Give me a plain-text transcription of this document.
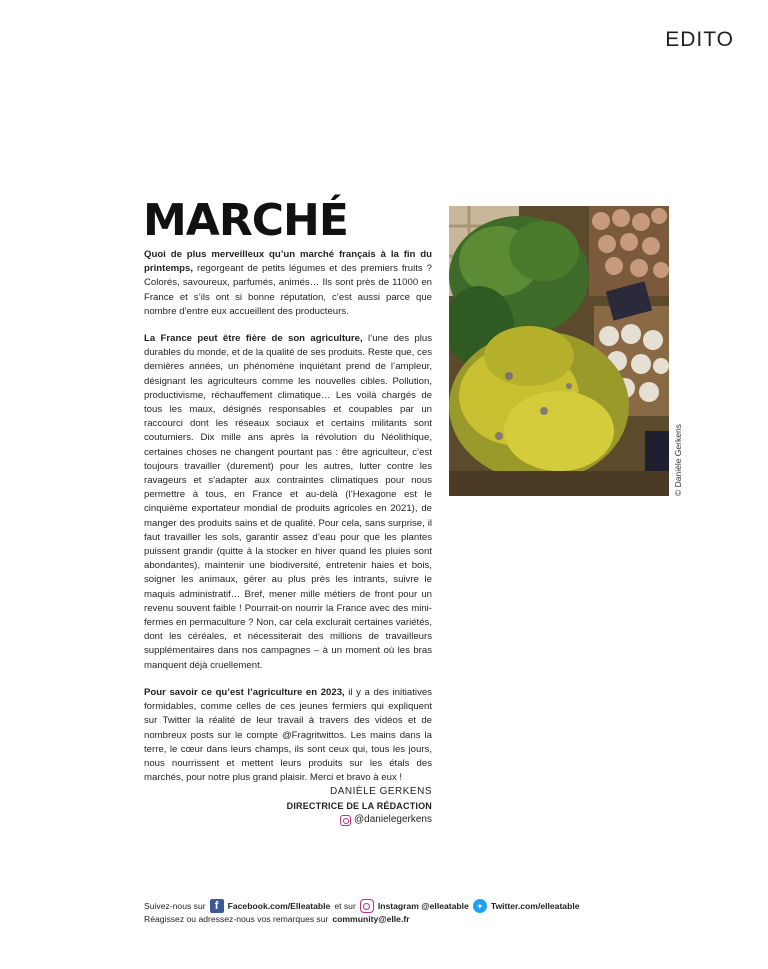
EDITO
MARCHÉ

Quoi de plus merveilleux qu’un marché français à la fin du printemps, regorgeant de petits légumes et des premiers fruits ? Colorés, savoureux, parfumés, animés… Ils sont près de 11000 en France et s’ils ont si bonne réputation, c’est aussi parce que nombre d’entre eux accueillent des producteurs.

La France peut être fière de son agriculture, l’une des plus durables du monde, et de la qualité de ses produits. Reste que, ces dernières années, un phénomène inquiétant prend de l’ampleur, désignant les agriculteurs comme les nouvelles cibles. Pollution, productivisme, réchauffement climatique… Les voilà chargés de tous les maux, désignés responsables et coupables par un raccourci dont les réseaux sociaux et certains militants sont coutumiers. Dix mille ans après la révolution du Néolithique, certaines choses ne changent pourtant pas : être agriculteur, c’est toujours travailler (durement) pour les autres, lutter contre les ravageurs et s’adapter aux contraintes climatiques pour nous permettre à tous, en France et au-delà (l’Hexagone est le cinquième exportateur mondial de produits agricoles en 2021), de manger des produits sains et de qualité. Pour cela, sans surprise, il faut travailler les sols, garantir assez d’eau pour que les plantes puissent grandir (quitte à la stocker en hiver quand les pluies sont abondantes), maintenir une biodiversité, entretenir haies et bois, soigner les animaux, gérer au plus près les intrants, suivre le maquis administratif… Bref, mener mille métiers de front pour un revenu souvent faible ! Pourrait-on nourrir la France avec des mini-fermes en permaculture ? Non, car cela exclurait certaines variétés, dont les céréales, et nécessiterait des millions de travailleurs supplémentaires dans nos campagnes – à un moment où les bras manquent déjà cruellement.

Pour savoir ce qu’est l’agriculture en 2023, il y a des initiatives formidables, comme celles de ces jeunes fermiers qui expliquent sur Twitter la réalité de leur travail à travers des vidéos et de nombreux posts sur le compte @Fragritwittos. Les mains dans la terre, le cœur dans leurs champs, ils sont ceux qui, tous les jours, nous nourrissent et mettent leurs produits sur les étals des marchés, pour notre plus grand plaisir. Merci et bravo à eux !

DANIÈLE GERKENS
DIRECTRICE DE LA RÉDACTION
@danielegerkens
© Danièle Gerkens
Suivez-nous sur f	Facebook.com/Elleatable et sur	Instagram @elleatable ✦ Twitter.com/elleatable
Réagissez ou adressez-nous vos remarques sur community@elle.fr
